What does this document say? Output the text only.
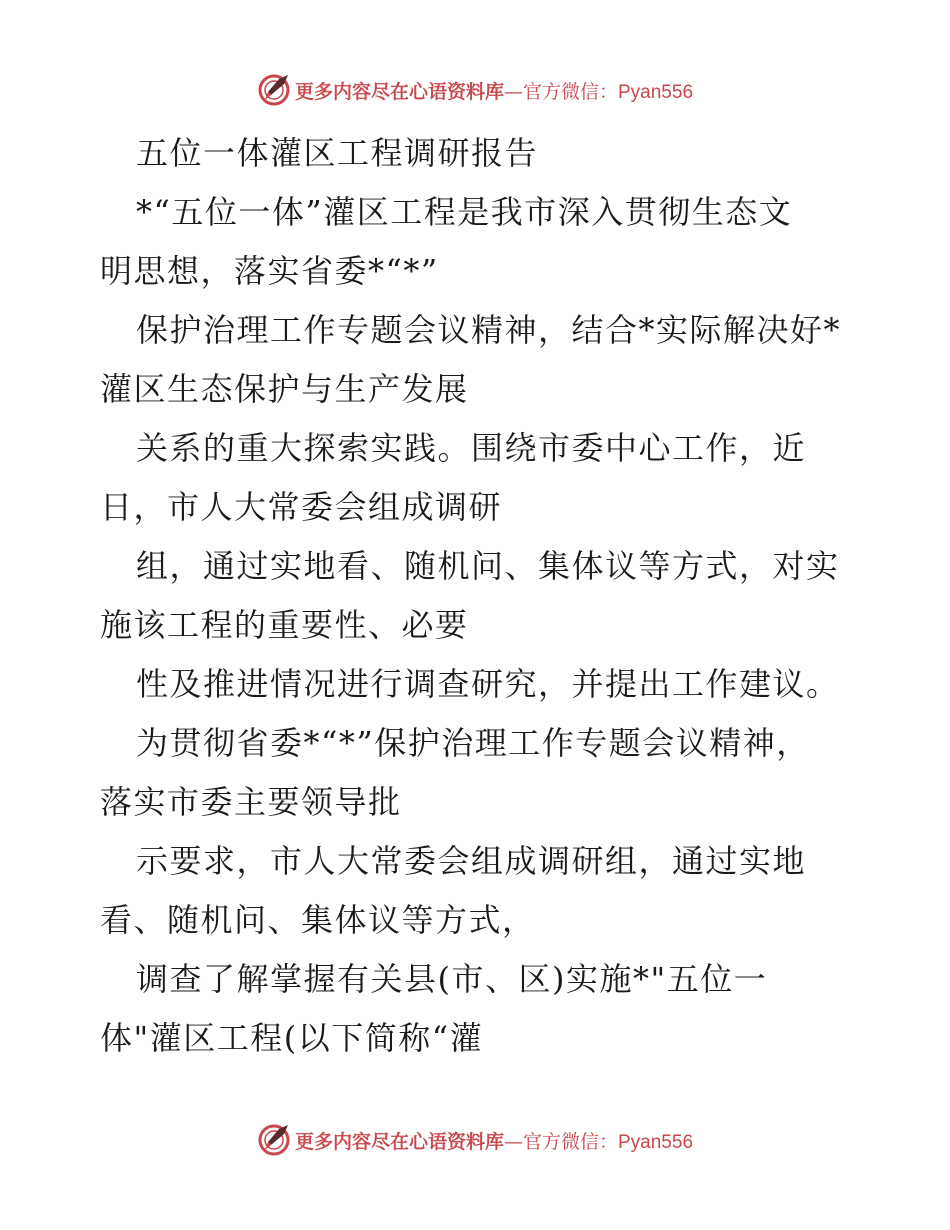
更多内容尽在心语资料库—官方微信：Pyan556
五位一体灌区工程调研报告
*“五位一体”灌区工程是我市深入贯彻生态文
明思想，落实省委*“*”
保护治理工作专题会议精神，结合*实际解决好*
灌区生态保护与生产发展
关系的重大探索实践。围绕市委中心工作，近
日，市人大常委会组成调研
组，通过实地看、随机问、集体议等方式，对实
施该工程的重要性、必要
性及推进情况进行调查研究，并提出工作建议。
为贯彻省委*“*”保护治理工作专题会议精神，
落实市委主要领导批
示要求，市人大常委会组成调研组，通过实地
看、随机问、集体议等方式，
调查了解掌握有关县(市、区)实施*"五位一
体"灌区工程(以下简称“灌
更多内容尽在心语资料库—官方微信：Pyan556
